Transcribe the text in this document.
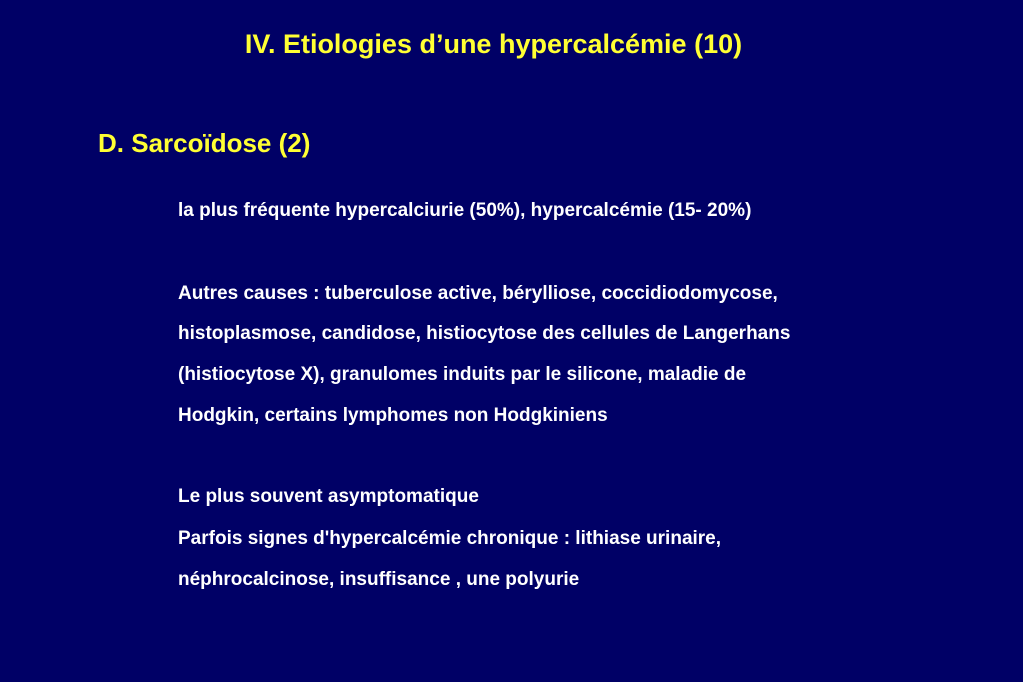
IV. Etiologies d’une hypercalcémie (10)
D. Sarcoïdose (2)

la plus fréquente hypercalciurie (50%), hypercalcémie (15- 20%)

Autres causes : tuberculose active, bérylliose, coccidiodomycose,

histoplasmose, candidose, histiocytose des cellules de Langerhans

(histiocytose X), granulomes induits par le silicone, maladie de

Hodgkin, certains lymphomes non Hodgkiniens

Le plus souvent asymptomatique

Parfois signes d'hypercalcémie chronique : lithiase urinaire,

néphrocalcinose, insuffisance , une polyurie
